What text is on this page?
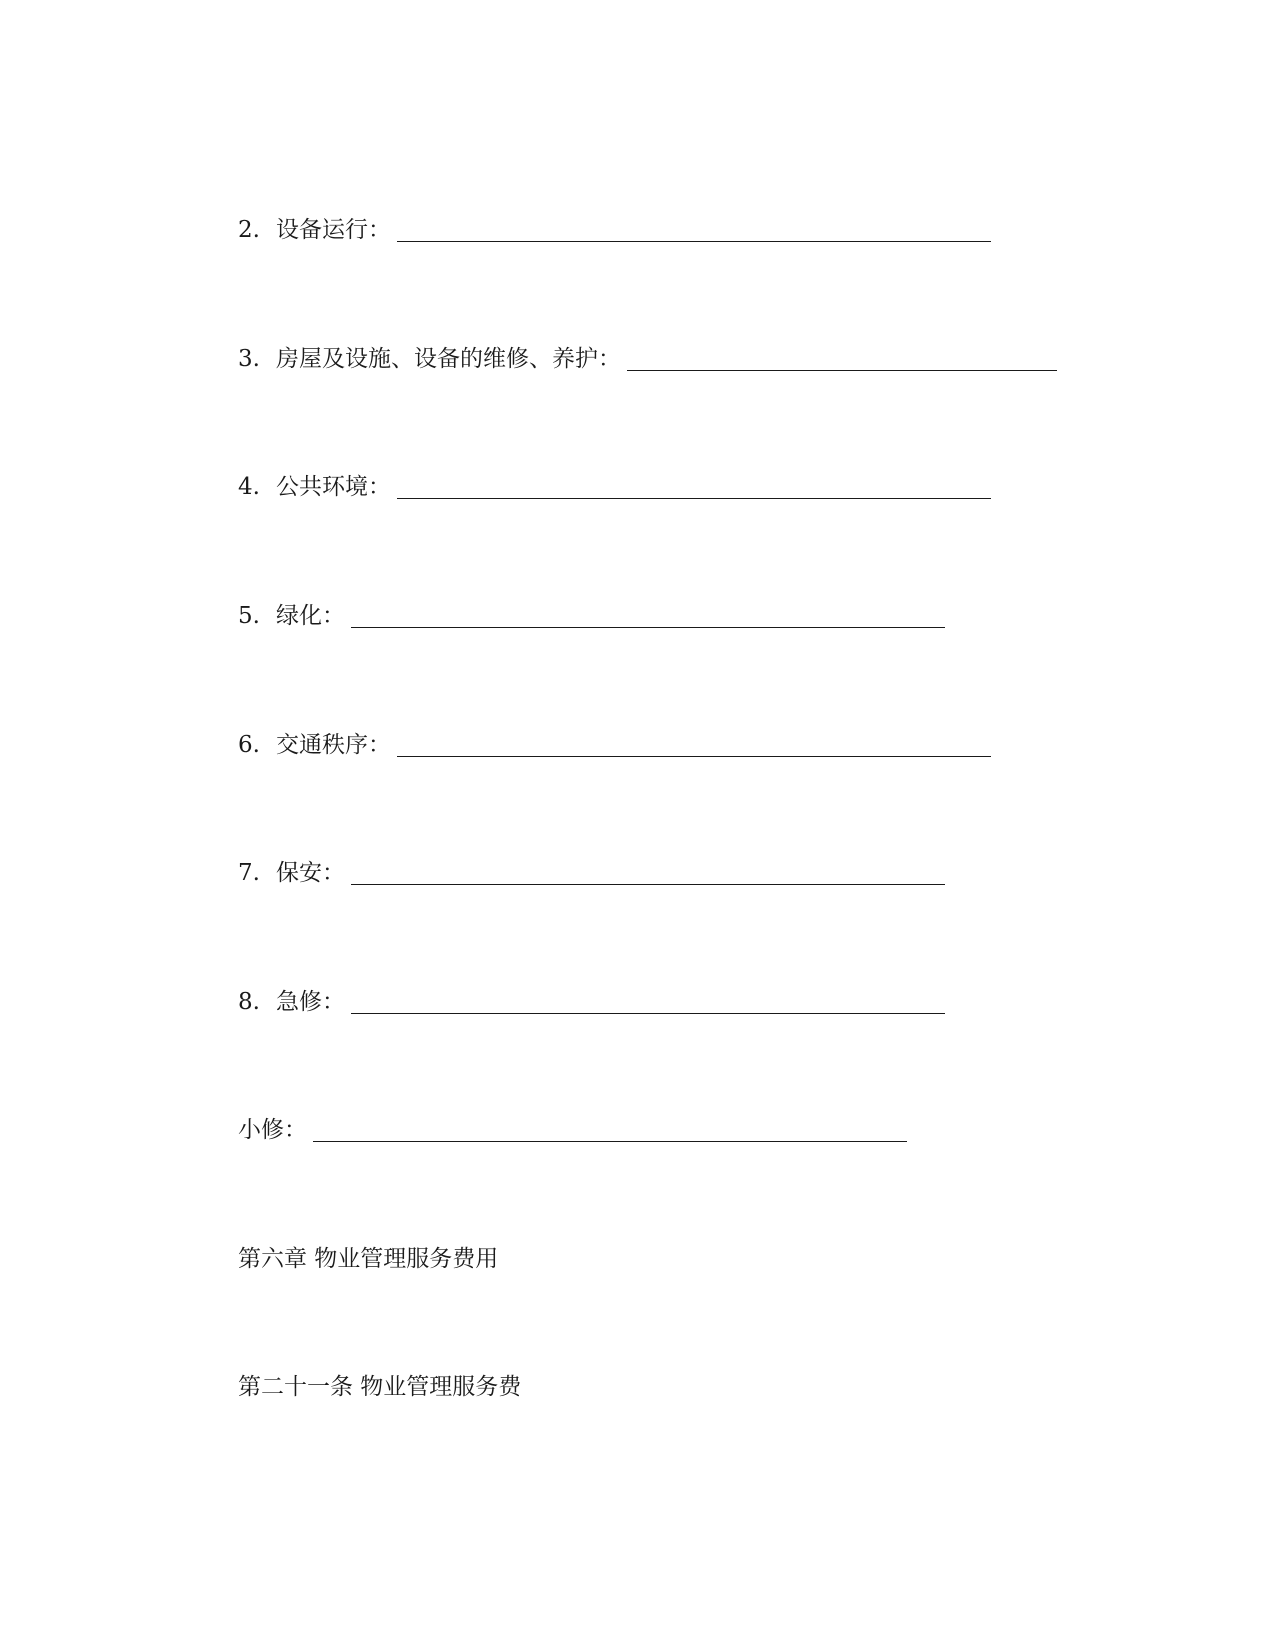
2. 设备运行：
3. 房屋及设施、设备的维修、养护：
4. 公共环境：
5. 绿化：
6. 交通秩序：
7. 保安：
8. 急修：
小修：
第六章 物业管理服务费用
第二十一条 物业管理服务费
